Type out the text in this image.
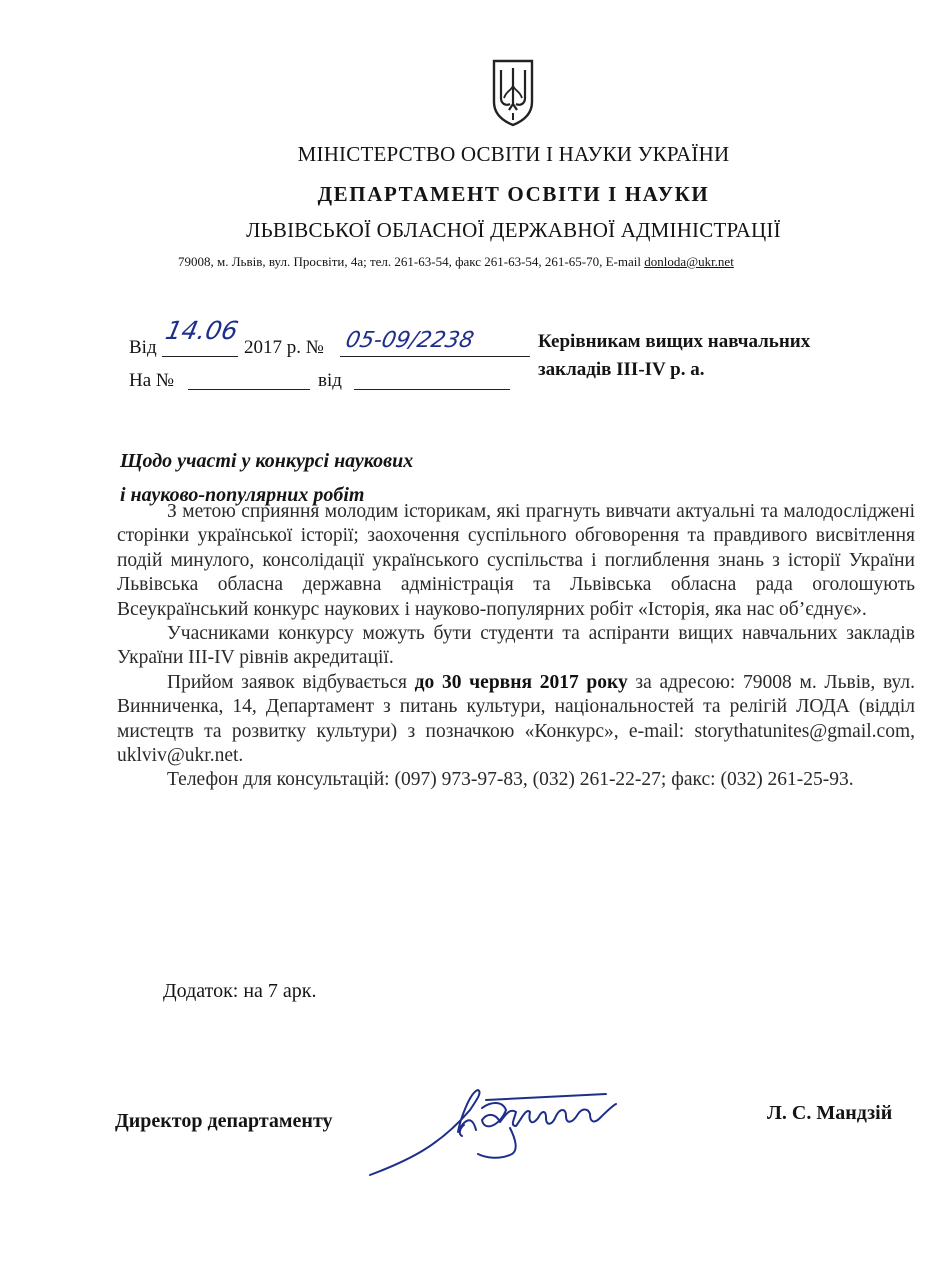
МІНІСТЕРСТВО ОСВІТИ І НАУКИ УКРАЇНИ
ДЕПАРТАМЕНТ ОСВІТИ І НАУКИ
ЛЬВІВСЬКОЇ ОБЛАСНОЇ ДЕРЖАВНОЇ АДМІНІСТРАЦІЇ
79008, м. Львів, вул. Просвіти, 4а; тел. 261-63-54, факс 261-63-54, 261-65-70, E-mail donloda@ukr.net
Від
14.06
2017 р. № 05-09/2238
На №	від
Керівникам вищих навчальних
закладів ІІІ-ІV р. а.
Щодо участі у конкурсі наукових
і науково-популярних робіт

З метою сприяння молодим історикам, які прагнуть вивчати актуальні та малодосліджені сторінки української історії; заохочення суспільного обговорення та правдивого висвітлення подій минулого, консолідації українського суспільства і поглиблення знань з історії України Львівська обласна державна адміністрація та Львівська обласна рада оголошують Всеукраїнський конкурс наукових і науково-популярних робіт «Історія, яка нас об’єднує».

Учасниками конкурсу можуть бути студенти та аспіранти вищих навчальних закладів України ІІІ-ІV рівнів акредитації.

Прийом заявок відбувається до 30 червня 2017 року за адресою: 79008 м. Львів, вул. Винниченка, 14, Департамент з питань культури, національностей та релігій ЛОДА (відділ мистецтв та розвитку культури) з позначкою «Конкурс», e-mail: storythatunites@gmail.com, uklviv@ukr.net.

Телефон для консультацій: (097) 973-97-83, (032) 261-22-27; факс: (032) 261-25-93.

Додаток: на 7 арк.
Директор департаменту	Л. С. Мандзій
